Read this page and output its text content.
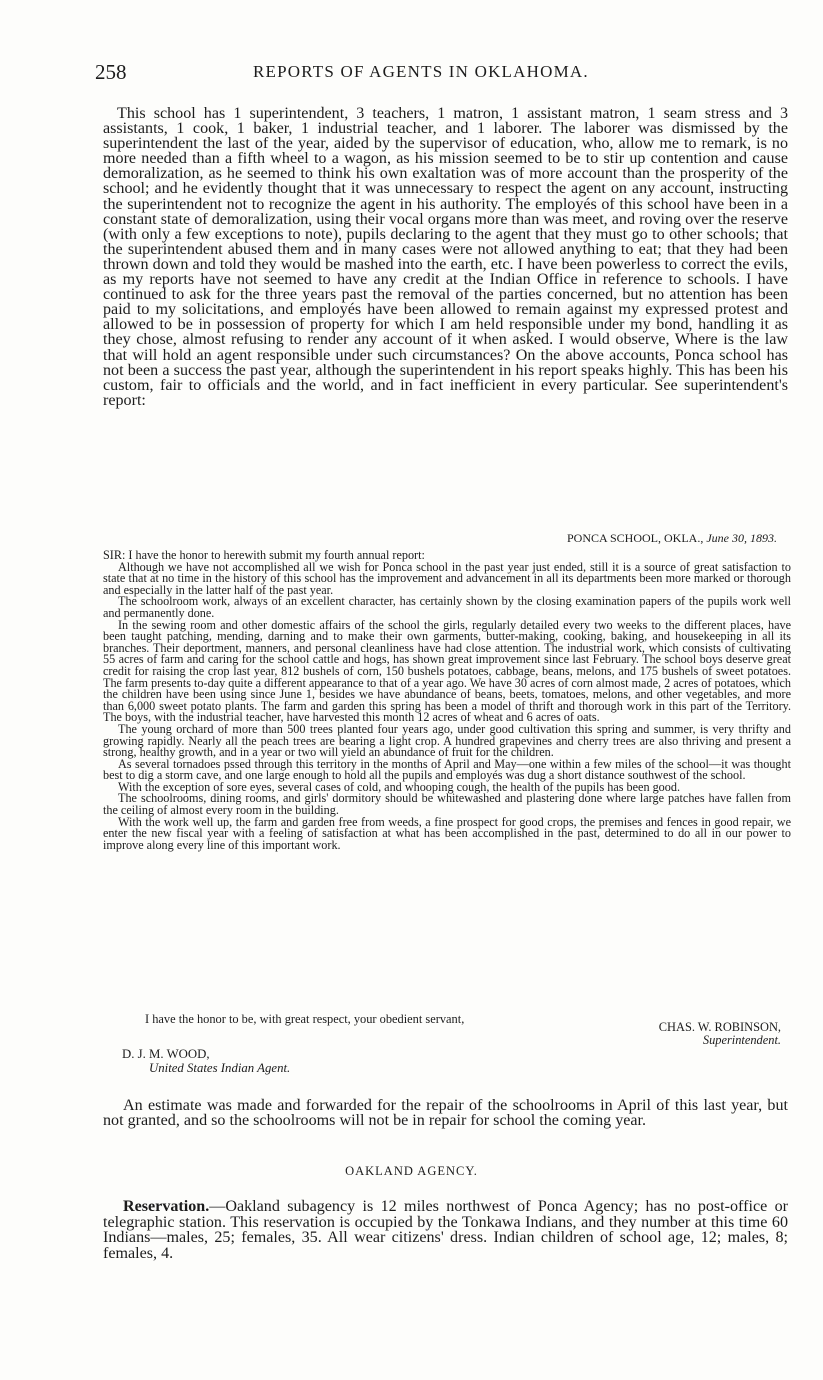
258	REPORTS OF AGENTS IN OKLAHOMA.

This school has 1 superintendent, 3 teachers, 1 matron, 1 assistant matron, 1 seam stress and 3 assistants, 1 cook, 1 baker, 1 industrial teacher, and 1 laborer. The laborer was dismissed by the superintendent the last of the year, aided by the supervisor of education, who, allow me to remark, is no more needed than a fifth wheel to a wagon, as his mission seemed to be to stir up contention and cause demoralization, as he seemed to think his own exaltation was of more account than the prosperity of the school; and he evidently thought that it was unnecessary to respect the agent on any account, instructing the superintendent not to recognize the agent in his authority. The employés of this school have been in a constant state of demoralization, using their vocal organs more than was meet, and roving over the reserve (with only a few exceptions to note), pupils declaring to the agent that they must go to other schools; that the superintendent abused them and in many cases were not allowed anything to eat; that they had been thrown down and told they would be mashed into the earth, etc. I have been powerless to correct the evils, as my reports have not seemed to have any credit at the Indian Office in reference to schools. I have continued to ask for the three years past the removal of the parties concerned, but no attention has been paid to my solicitations, and employés have been allowed to remain against my expressed protest and allowed to be in possession of property for which I am held responsible under my bond, handling it as they chose, almost refusing to render any account of it when asked. I would observe, Where is the law that will hold an agent responsible under such circumstances? On the above accounts, Ponca school has not been a success the past year, although the superintendent in his report speaks highly. This has been his custom, fair to officials and the world, and in fact inefficient in every particular. See superintendent's report:

PONCA SCHOOL, OKLA., June 30, 1893.

SIR: I have the honor to herewith submit my fourth annual report:

Although we have not accomplished all we wish for Ponca school in the past year just ended, still it is a source of great satisfaction to state that at no time in the history of this school has the improvement and advancement in all its departments been more marked or thorough and especially in the latter half of the past year.

The schoolroom work, always of an excellent character, has certainly shown by the closing examination papers of the pupils work well and permanently done.

In the sewing room and other domestic affairs of the school the girls, regularly detailed every two weeks to the different places, have been taught patching, mending, darning and to make their own garments, butter-making, cooking, baking, and housekeeping in all its branches. Their deportment, manners, and personal cleanliness have had close attention. The industrial work, which consists of cultivating 55 acres of farm and caring for the school cattle and hogs, has shown great improvement since last February. The school boys deserve great credit for raising the crop last year, 812 bushels of corn, 150 bushels potatoes, cabbage, beans, melons, and 175 bushels of sweet potatoes. The farm presents to-day quite a different appearance to that of a year ago. We have 30 acres of corn almost made, 2 acres of potatoes, which the children have been using since June 1, besides we have abundance of beans, beets, tomatoes, melons, and other vegetables, and more than 6,000 sweet potato plants. The farm and garden this spring has been a model of thrift and thorough work in this part of the Territory. The boys, with the industrial teacher, have harvested this month 12 acres of wheat and 6 acres of oats.

The young orchard of more than 500 trees planted four years ago, under good cultivation this spring and summer, is very thrifty and growing rapidly. Nearly all the peach trees are bearing a light crop. A hundred grapevines and cherry trees are also thriving and present a strong, healthy growth, and in a year or two will yield an abundance of fruit for the children.

As several tornadoes pssed through this territory in the months of April and May—one within a few miles of the school—it was thought best to dig a storm cave, and one large enough to hold all the pupils and employés was dug a short distance southwest of the school.

With the exception of sore eyes, several cases of cold, and whooping cough, the health of the pupils has been good.

The schoolrooms, dining rooms, and girls' dormitory should be whitewashed and plastering done where large patches have fallen from the ceiling of almost every room in the building.

With the work well up, the farm and garden free from weeds, a fine prospect for good crops, the premises and fences in good repair, we enter the new fiscal year with a feeling of satisfaction at what has been accomplished in the past, determined to do all in our power to improve along every line of this important work.

I have the honor to be, with great respect, your obedient servant,
CHAS. W. ROBINSON,
Superintendent.
D. J. M. WOOD,
United States Indian Agent.

An estimate was made and forwarded for the repair of the schoolrooms in April of this last year, but not granted, and so the schoolrooms will not be in repair for school the coming year.

OAKLAND AGENCY.

Reservation.—Oakland subagency is 12 miles northwest of Ponca Agency; has no post-office or telegraphic station. This reservation is occupied by the Tonkawa Indians, and they number at this time 60 Indians—males, 25; females, 35. All wear citizens' dress. Indian children of school age, 12; males, 8; females, 4.
